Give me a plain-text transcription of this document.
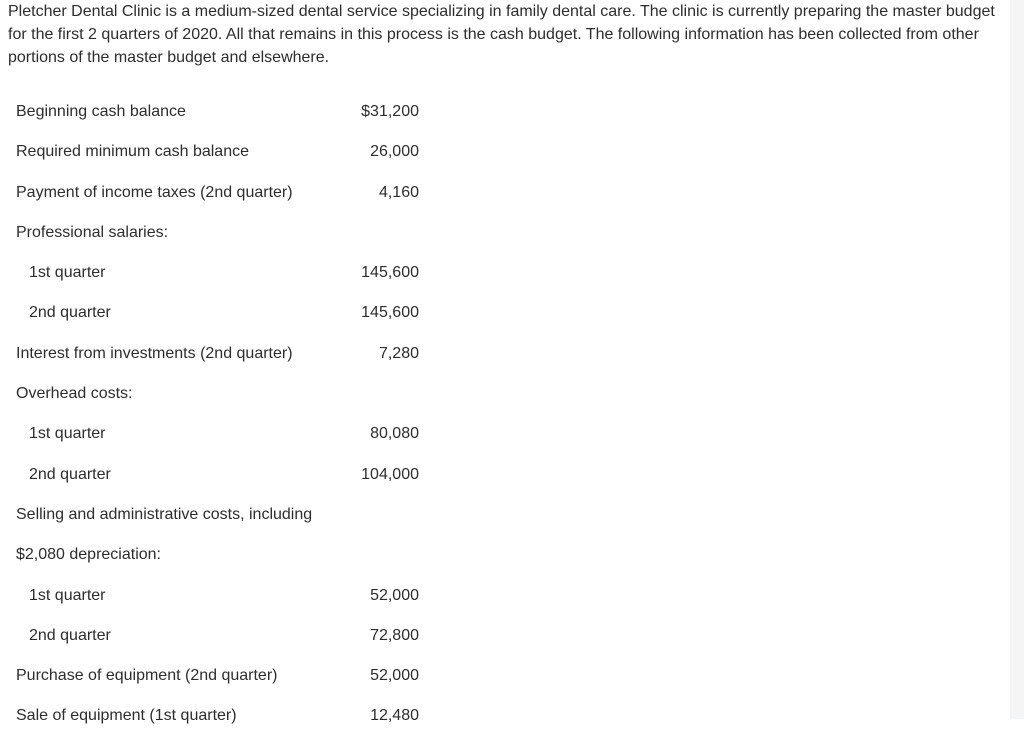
Pletcher Dental Clinic is a medium-sized dental service specializing in family dental care. The clinic is currently preparing the master budget for the first 2 quarters of 2020. All that remains in this process is the cash budget. The following information has been collected from other portions of the master budget and elsewhere.

Beginning cash balance	$31,200
Required minimum cash balance	26,000
Payment of income taxes (2nd quarter)	4,160
Professional salaries:
1st quarter	145,600
2nd quarter	145,600
Interest from investments (2nd quarter)	7,280
Overhead costs:
1st quarter	80,080
2nd quarter	104,000
Selling and administrative costs, including
$2,080 depreciation:
1st quarter	52,000
2nd quarter	72,800
Purchase of equipment (2nd quarter)	52,000
Sale of equipment (1st quarter)	12,480
